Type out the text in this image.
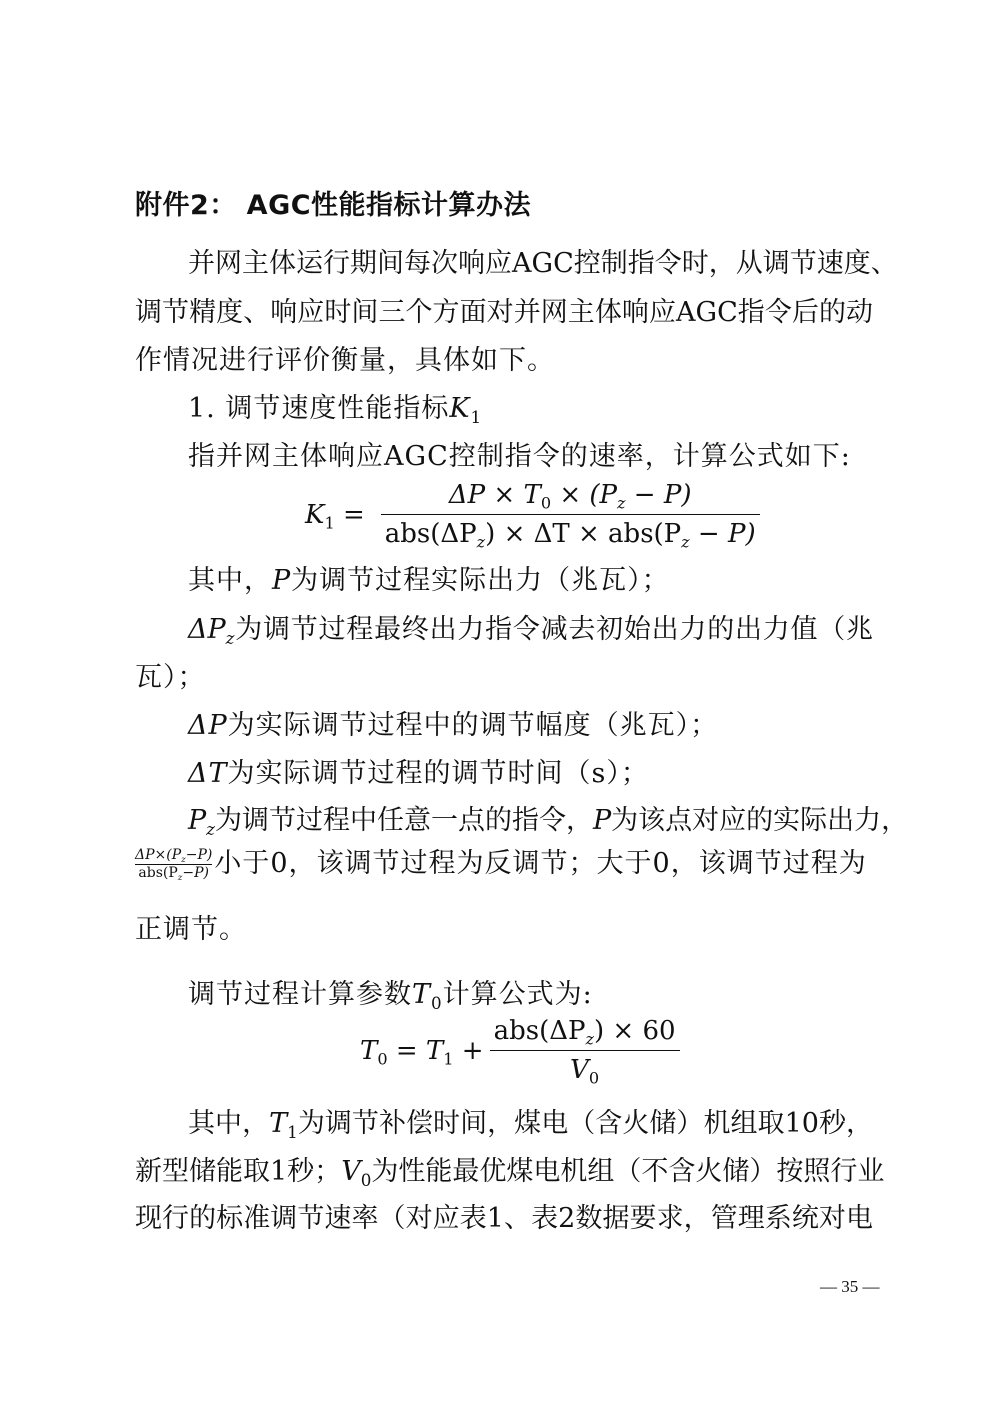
附件2： AGC性能指标计算办法
并网主体运行期间每次响应AGC控制指令时，从调节速度、
调节精度、响应时间三个方面对并网主体响应AGC指令后的动
作情况进行评价衡量，具体如下。
1. 调节速度性能指标$K_1$
指并网主体响应AGC控制指令的速率，计算公式如下:
$K_1 = \frac{\Delta P \times T_0 \times (P_z - P)}{abs(\Delta P_z) \times \Delta T \times abs(P_z - P)}$
其中，P为调节过程实际出力（兆瓦）；
$\Delta P_z$为调节过程最终出力指令减去初始出力的出力值（兆
瓦）；
ΔP为实际调节过程中的调节幅度（兆瓦）；
ΔT为实际调节过程的调节时间（s）；
$P_z$为调节过程中任意一点的指令，P为该点对应的实际出力，
$\frac{\Delta P\times(P_z-P)}{abs(P_z-P)}$ 小于0，该调节过程为反调节；大于0，该调节过程为
正调节。
调节过程计算参数$T_0$计算公式为:
$T_0 = T_1 + \frac{abs(\Delta P_z) \times 60}{V_0}$
其中，$T_1$为调节补偿时间，煤电（含火储）机组取10秒，
新型储能取1秒；$V_0$为性能最优煤电机组（不含火储）按照行业
现行的标准调节速率（对应表1、表2数据要求，管理系统对电
— 35 —
